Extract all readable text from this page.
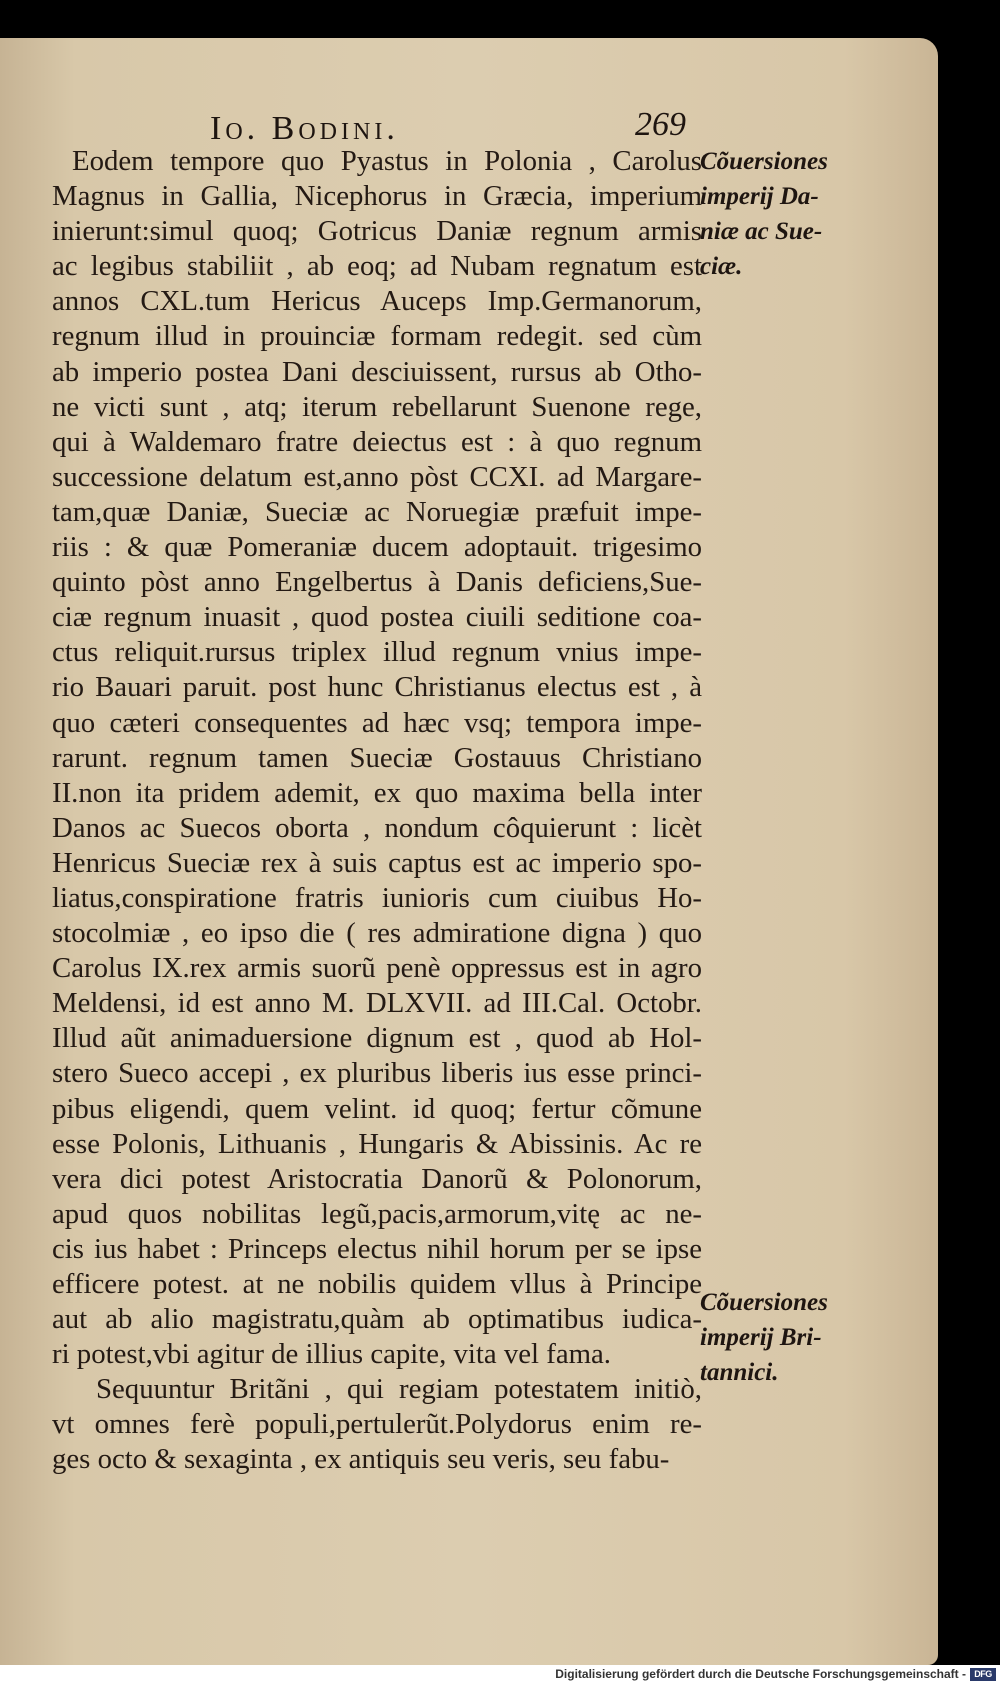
Io. Bodini.	269
Eodem tempore quo Pyastus in Polonia , Carolus
Magnus in Gallia, Nicephorus in Græcia, imperium
inierunt:simul quoq; Gotricus Daniæ regnum armis
ac legibus stabiliit , ab eoq; ad Nubam regnatum est
annos CXL.tum Hericus Auceps Imp.Germanorum,
regnum illud in prouinciæ formam redegit. sed cùm
ab imperio postea Dani desciuissent, rursus ab Otho-
ne victi sunt , atq; iterum rebellarunt Suenone rege,
qui à Waldemaro fratre deiectus est : à quo regnum
successione delatum est,anno pòst CCXI. ad Margare-
tam,quæ Daniæ, Sueciæ ac Noruegiæ præfuit impe-
riis : & quæ Pomeraniæ ducem adoptauit. trigesimo
quinto pòst anno Engelbertus à Danis deficiens,Sue-
ciæ regnum inuasit , quod postea ciuili seditione coa-
ctus reliquit.rursus triplex illud regnum vnius impe-
rio Bauari paruit. post hunc Christianus electus est , à
quo cæteri consequentes ad hæc vsq; tempora impe-
rarunt. regnum tamen Sueciæ Gostauus Christiano
II.non ita pridem ademit, ex quo maxima bella inter
Danos ac Suecos oborta , nondum côquierunt : licèt
Henricus Sueciæ rex à suis captus est ac imperio spo-
liatus,conspiratione fratris iunioris cum ciuibus Ho-
stocolmiæ , eo ipso die ( res admiratione digna ) quo
Carolus IX.rex armis suorũ penè oppressus est in agro
Meldensi, id est anno M. DLXVII. ad III.Cal. Octobr.
Illud aũt animaduersione dignum est , quod ab Hol-
stero Sueco accepi , ex pluribus liberis ius esse princi-
pibus eligendi, quem velint. id quoq; fertur cõmune
esse Polonis, Lithuanis , Hungaris & Abissinis. Ac re
vera dici potest Aristocratia Danorũ & Polonorum,
apud quos nobilitas legũ,pacis,armorum,vitę ac ne-
cis ius habet : Princeps electus nihil horum per se ipse
efficere potest. at ne nobilis quidem vllus à Principe
aut ab alio magistratu,quàm ab optimatibus iudica-
ri potest,vbi agitur de illius capite, vita vel fama.
Sequuntur Britãni , qui regiam potestatem initiò,
vt omnes ferè populi,pertulerũt.Polydorus enim re-
ges octo & sexaginta , ex antiquis seu veris, seu fabu-
Cõuersiones
imperij Da-
niæ ac Sue-
ciæ.
Cõuersiones
imperij Bri-
tannici.
Digitalisierung gefördert durch die Deutsche Forschungsgemeinschaft - DFG
